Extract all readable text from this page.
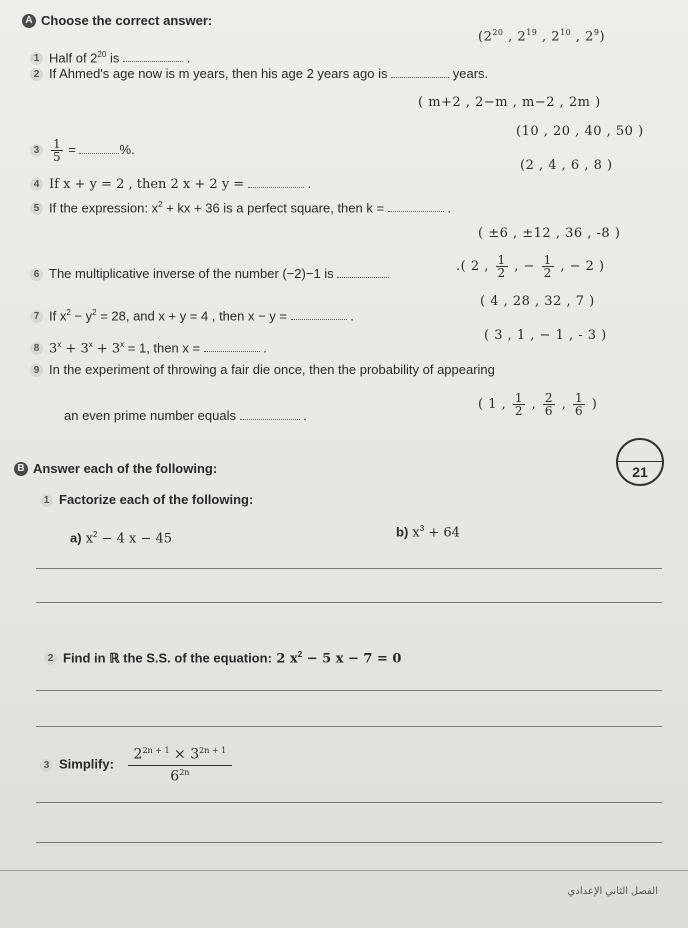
A Choose the correct answer:
1 Half of $2^{20}$ is	.
($2^{20}$ , $2^{19}$ , $2^{10}$ , $2^9$)
2 If Ahmed's age now is m years, then his age 2 years ago is	years.
( m+2 , 2−m , m−2 , 2m )
$3 \frac{1}{5}$ =	%.
(10 , 20 , 40 , 50 )
4 If x + y = 2 , then 2 x + 2 y =	.
(2 , 4 , 6 , 8 )
5 If the expression: $x^2$ + kx + 36 is a perfect square, then k =	.
( ±6 , ±12 , 36 , -8 )
6 The multiplicative inverse of the number (−2)−1 is	.( 2 , $\frac{1}{2}$ , − $\frac{1}{2}$ , − 2 )
7 If $x^2 - y^2 = 28$, and x + y = 4 , then x − y =	.
( 4 , 28 , 32 , 7 )
8 $3^x + 3^x + 3^x = 1$, then x =	.
( 3 , 1 , − 1 , - 3 )
9 In the experiment of throwing a fair die once, then the probability of appearing
an even prime number equals	.
( 1 , $\frac{1}{2}$ , $\frac{2}{6}$ , $\frac{1}{6}$ )
B Answer each of the following:	21
1 Factorize each of the following:
a) $x^2 - 4$ x − 45	b) $x^3 + 64$
2 Find in ℝ the S.S. of the equation: 2 $x^2 - 5$ x − 7 = 0
3 Simplify: $\frac{2^{2n + 1} \times 3^{2n + 1}}{6^{2n}}$
الفصل الثاني الإعدادي
